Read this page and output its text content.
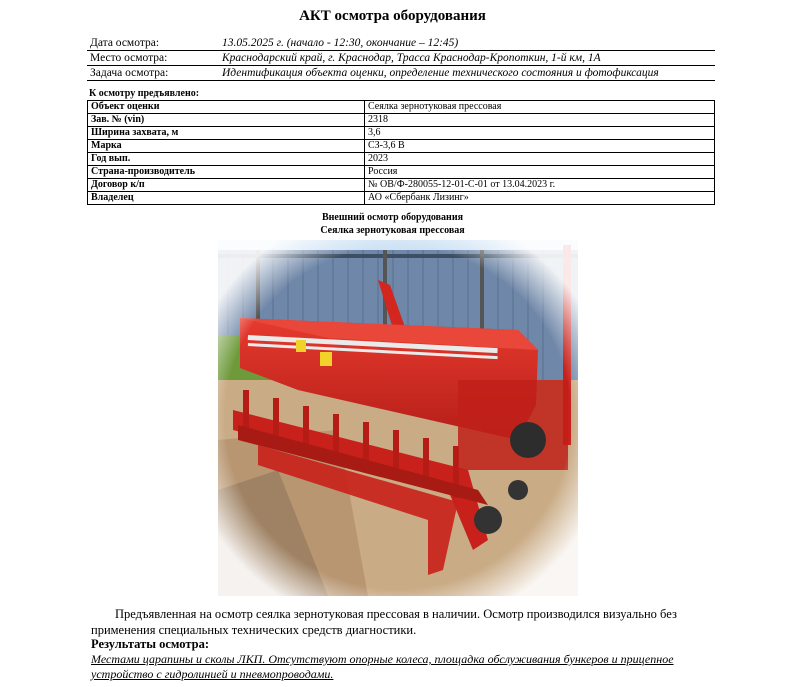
АКТ осмотра оборудования
Дата осмотра:	13.05.2025 г. (начало - 12:30, окончание – 12:45)
Место осмотра:	Краснодарский край, г. Краснодар, Трасса Краснодар-Кропоткин, 1-й км, 1А
Задача осмотра:	Идентификация объекта оценки, определение технического состояния и фотофиксация
К осмотру предъявлено:
Объект оценки	Сеялка зернотуковая прессовая
Зав. № (vin)	2318
Ширина захвата, м	3,6
Марка	СЗ-3,6 В
Год вып.	2023
Страна-производитель	Россия
Договор к/п	№ ОВ/Ф-280055-12-01-С-01 от 13.04.2023 г.
Владелец	АО «Сбербанк Лизинг»
Внешний осмотр оборудования
Сеялка зернотуковая прессовая
Предъявленная на осмотр сеялка зернотуковая прессовая в наличии. Осмотр производился визуально без применения специальных технических средств диагностики.
Результаты осмотра:
Местами царапины и сколы ЛКП. Отсутствуют опорные колеса, площадка обслуживания бункеров и прицепное устройство с гидролинией и пневмопроводами.
